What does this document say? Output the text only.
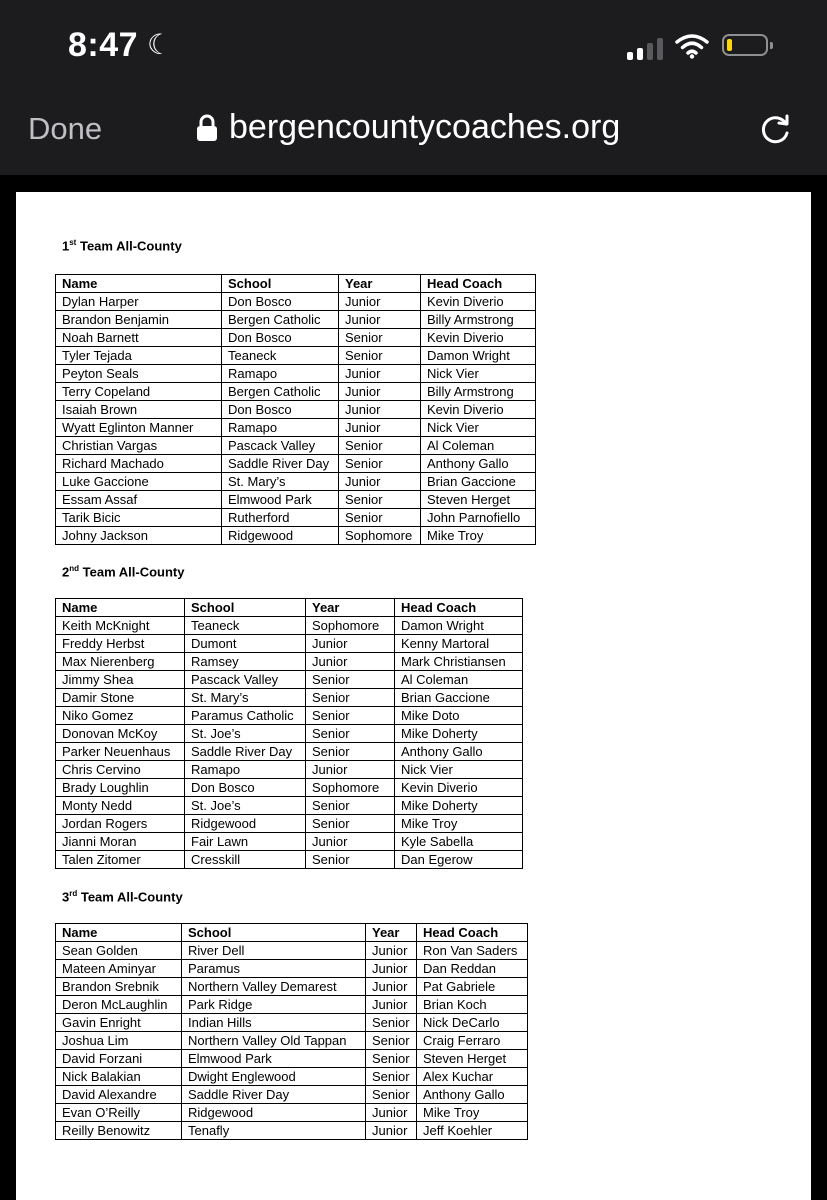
8:47 ☾
Done	bergencountycoaches.org
1st Team All-County
Name	School	Year	Head Coach
Dylan Harper	Don Bosco	Junior	Kevin Diverio
Brandon Benjamin	Bergen Catholic	Junior	Billy Armstrong
Noah Barnett	Don Bosco	Senior	Kevin Diverio
Tyler Tejada	Teaneck	Senior	Damon Wright
Peyton Seals	Ramapo	Junior	Nick Vier
Terry Copeland	Bergen Catholic	Junior	Billy Armstrong
Isaiah Brown	Don Bosco	Junior	Kevin Diverio
Wyatt Eglinton Manner	Ramapo	Junior	Nick Vier
Christian Vargas	Pascack Valley	Senior	Al Coleman
Richard Machado	Saddle River Day	Senior	Anthony Gallo
Luke Gaccione	St. Mary’s	Junior	Brian Gaccione
Essam Assaf	Elmwood Park	Senior	Steven Herget
Tarik Bicic	Rutherford	Senior	John Parnofiello
Johny Jackson	Ridgewood	Sophomore	Mike Troy
2nd Team All-County
Name	School	Year	Head Coach
Keith McKnight	Teaneck	Sophomore	Damon Wright
Freddy Herbst	Dumont	Junior	Kenny Martoral
Max Nierenberg	Ramsey	Junior	Mark Christiansen
Jimmy Shea	Pascack Valley	Senior	Al Coleman
Damir Stone	St. Mary’s	Senior	Brian Gaccione
Niko Gomez	Paramus Catholic	Senior	Mike Doto
Donovan McKoy	St. Joe’s	Senior	Mike Doherty
Parker Neuenhaus	Saddle River Day	Senior	Anthony Gallo
Chris Cervino	Ramapo	Junior	Nick Vier
Brady Loughlin	Don Bosco	Sophomore	Kevin Diverio
Monty Nedd	St. Joe’s	Senior	Mike Doherty
Jordan Rogers	Ridgewood	Senior	Mike Troy
Jianni Moran	Fair Lawn	Junior	Kyle Sabella
Talen Zitomer	Cresskill	Senior	Dan Egerow
3rd Team All-County
Name	School	Year	Head Coach
Sean Golden	River Dell	Junior	Ron Van Saders
Mateen Aminyar	Paramus	Junior	Dan Reddan
Brandon Srebnik	Northern Valley Demarest	Junior	Pat Gabriele
Deron McLaughlin	Park Ridge	Junior	Brian Koch
Gavin Enright	Indian Hills	Senior	Nick DeCarlo
Joshua Lim	Northern Valley Old Tappan	Senior	Craig Ferraro
David Forzani	Elmwood Park	Senior	Steven Herget
Nick Balakian	Dwight Englewood	Senior	Alex Kuchar
David Alexandre	Saddle River Day	Senior	Anthony Gallo
Evan O’Reilly	Ridgewood	Junior	Mike Troy
Reilly Benowitz	Tenafly	Junior	Jeff Koehler
